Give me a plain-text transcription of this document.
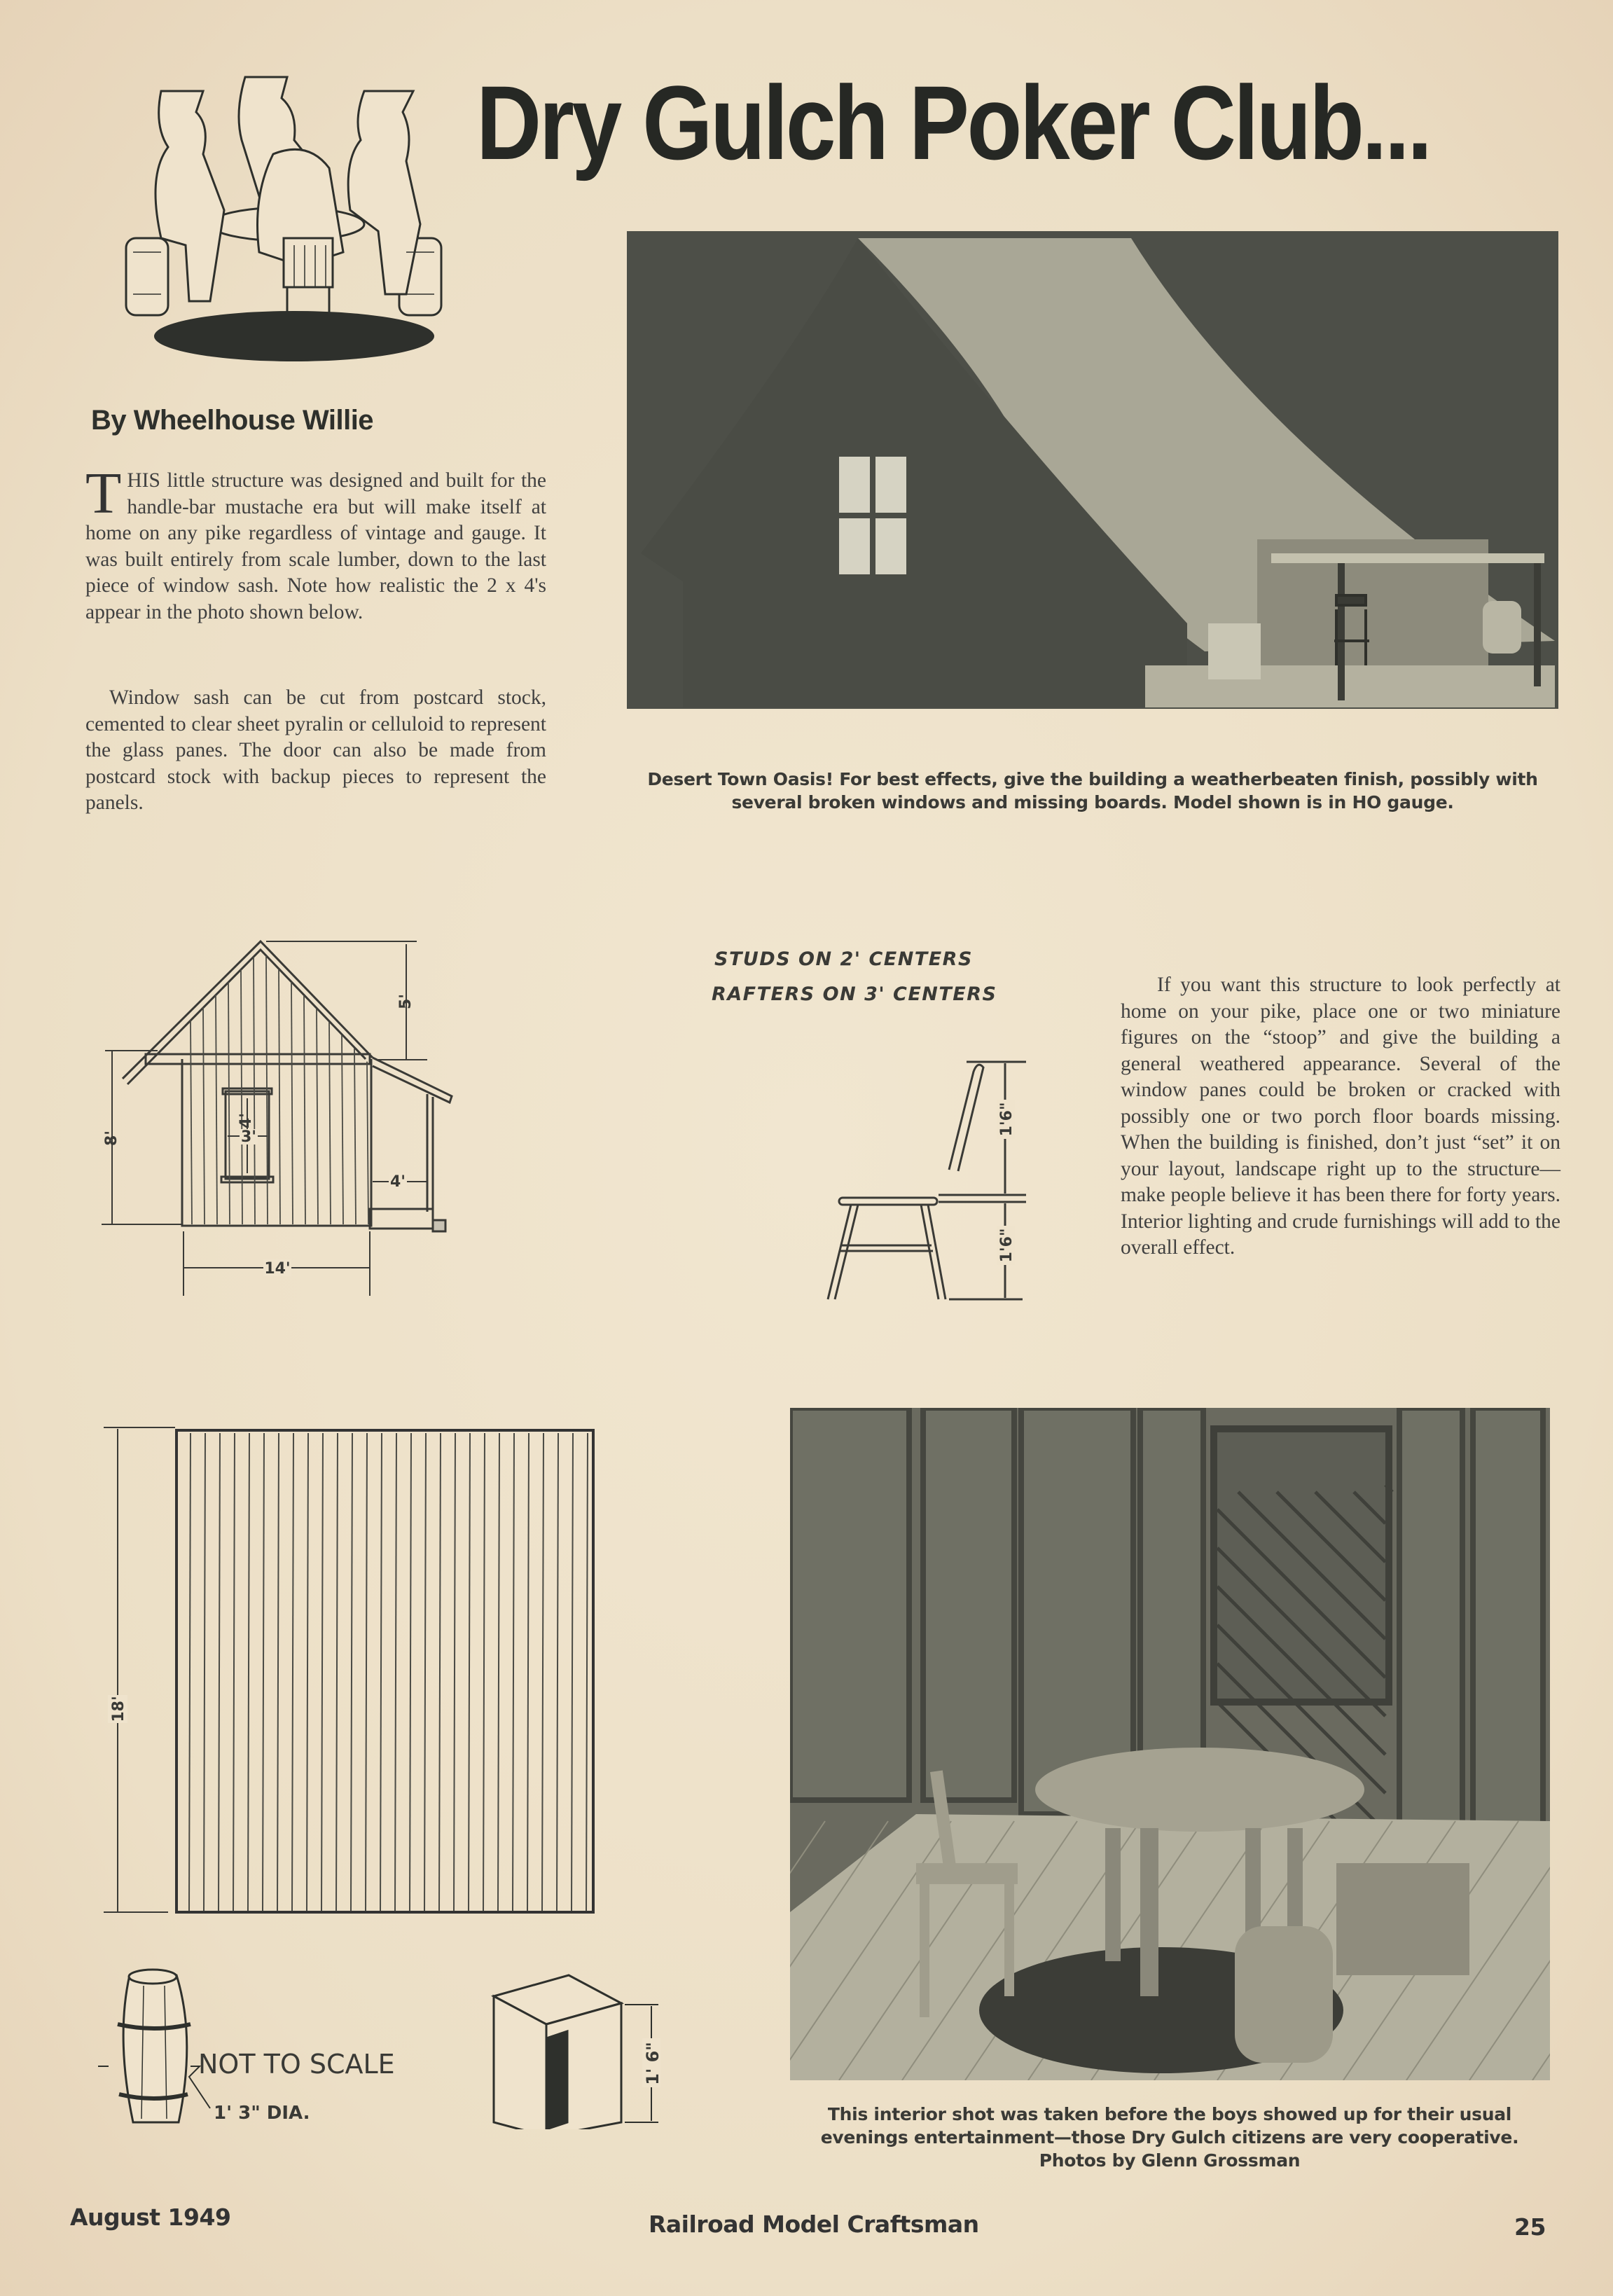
Dry Gulch Poker Club...
By Wheelhouse Willie
THIS little structure was designed and built for the handle-bar mustache era but will make itself at home on any pike regardless of vintage and gauge. It was built entirely from scale lumber, down to the last piece of window sash. Note how realistic the 2 x 4's appear in the photo shown below.
Window sash can be cut from postcard stock, cemented to clear sheet pyralin or celluloid to represent the glass panes. The door can also be made from postcard stock with backup pieces to represent the panels.
Desert Town Oasis! For best effects, give the building a weatherbeaten finish, possibly with several broken windows and missing boards. Model shown is in HO gauge.
5'
8'
4'
3'
4'
14'
STUDS ON 2' CENTERS
RAFTERS ON 3' CENTERS
1'6"
1'6"
If you want this structure to look perfectly at home on your pike, place one or two miniature figures on the “stoop” and give the building a general weathered appearance. Several of the window panes could be broken or cracked with possibly one or two porch floor boards missing. When the building is finished, don’t just “set” it on your layout, landscape right up to the structure—make people believe it has been there for forty years. Interior lighting and crude furnishings will add to the overall effect.
18'
NOT TO SCALE
1' 3" DIA.
1' 6"
This interior shot was taken before the boys showed up for their usual evenings entertainment—those Dry Gulch citizens are very cooperative.
Photos by Glenn Grossman
August 1949	Railroad Model Craftsman	25
